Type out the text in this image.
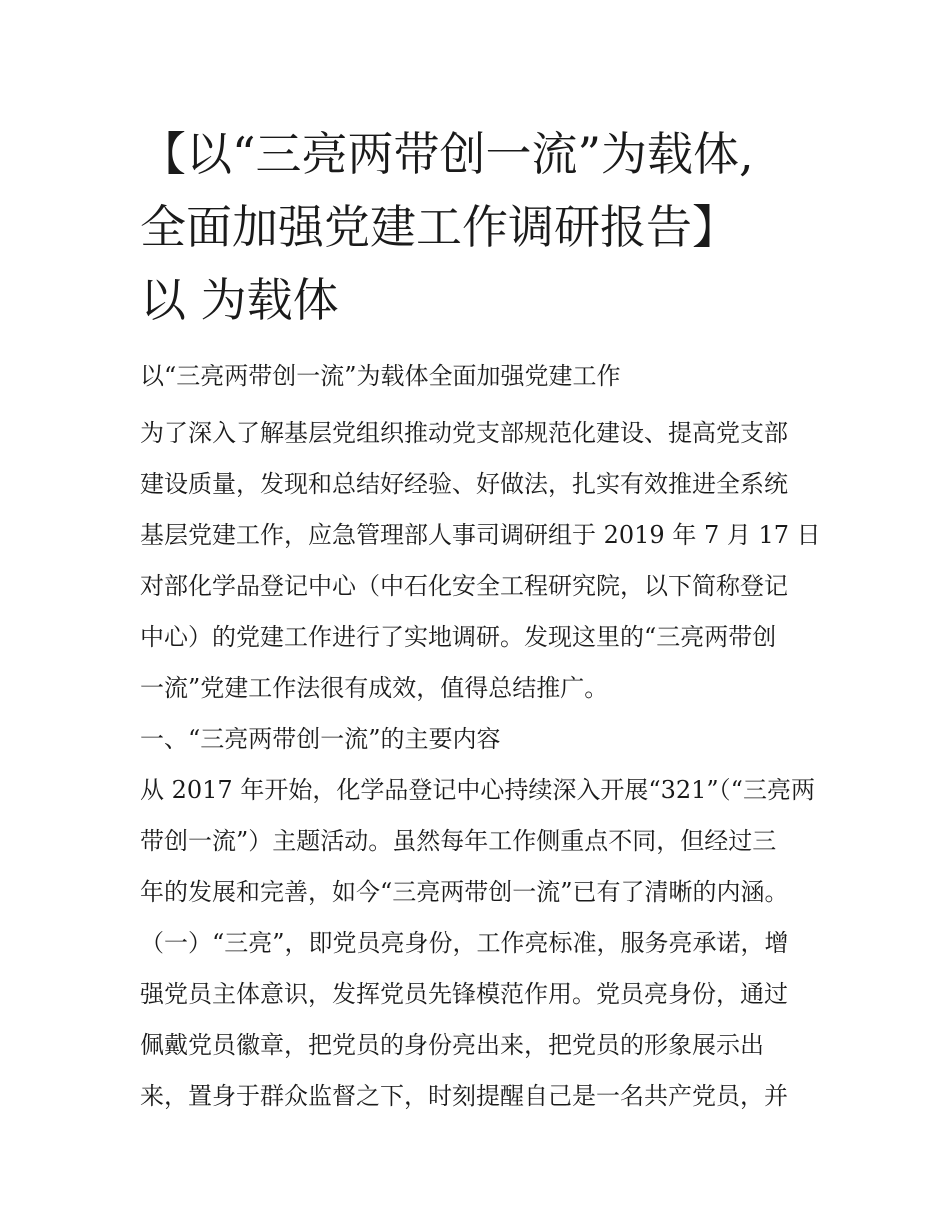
【以“三亮两带创一流”为载体,
全面加强党建工作调研报告】
以 为载体

以“三亮两带创一流”为载体全面加强党建工作

为了深入了解基层党组织推动党支部规范化建设、提高党支部

建设质量，发现和总结好经验、好做法，扎实有效推进全系统

基层党建工作，应急管理部人事司调研组于 2019 年 7 月 17 日

对部化学品登记中心（中石化安全工程研究院，以下简称登记

中心）的党建工作进行了实地调研。发现这里的“三亮两带创

一流”党建工作法很有成效，值得总结推广。

一、“三亮两带创一流”的主要内容

从 2017 年开始，化学品登记中心持续深入开展“321”（“三亮两

带创一流”）主题活动。虽然每年工作侧重点不同，但经过三

年的发展和完善，如今“三亮两带创一流”已有了清晰的内涵。

（一）“三亮”，即党员亮身份，工作亮标准，服务亮承诺，增

强党员主体意识，发挥党员先锋模范作用。党员亮身份，通过

佩戴党员徽章，把党员的身份亮出来，把党员的形象展示出

来，置身于群众监督之下，时刻提醒自己是一名共产党员，并
